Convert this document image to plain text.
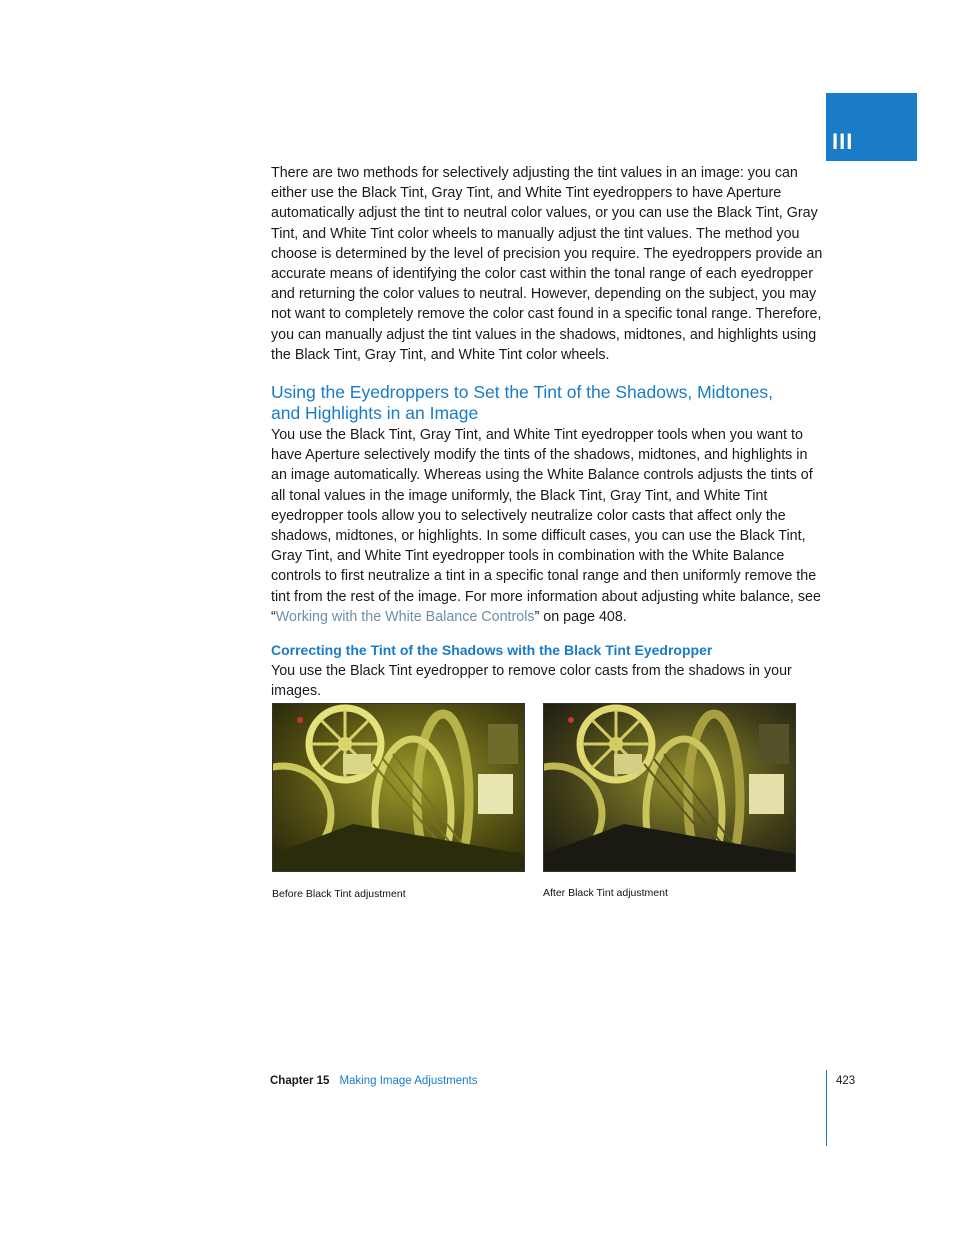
III

There are two methods for selectively adjusting the tint values in an image: you can either use the Black Tint, Gray Tint, and White Tint eyedroppers to have Aperture automatically adjust the tint to neutral color values, or you can use the Black Tint, Gray Tint, and White Tint color wheels to manually adjust the tint values. The method you choose is determined by the level of precision you require. The eyedroppers provide an accurate means of identifying the color cast within the tonal range of each eyedropper and returning the color values to neutral. However, depending on the subject, you may not want to completely remove the color cast found in a specific tonal range. Therefore, you can manually adjust the tint values in the shadows, midtones, and highlights using the Black Tint, Gray Tint, and White Tint color wheels.

Using the Eyedroppers to Set the Tint of the Shadows, Midtones,
and Highlights in an Image

You use the Black Tint, Gray Tint, and White Tint eyedropper tools when you want to have Aperture selectively modify the tints of the shadows, midtones, and highlights in an image automatically. Whereas using the White Balance controls adjusts the tints of all tonal values in the image uniformly, the Black Tint, Gray Tint, and White Tint eyedropper tools allow you to selectively neutralize color casts that affect only the shadows, midtones, or highlights. In some difficult cases, you can use the Black Tint, Gray Tint, and White Tint eyedropper tools in combination with the White Balance controls to first neutralize a tint in a specific tonal range and then uniformly remove the tint from the rest of the image. For more information about adjusting white balance, see “Working with the White Balance Controls” on page 408.

Correcting the Tint of the Shadows with the Black Tint Eyedropper

You use the Black Tint eyedropper to remove color casts from the shadows in your images.

Before Black Tint adjustment	After Black Tint adjustment
Chapter 15 Making Image Adjustments	423
